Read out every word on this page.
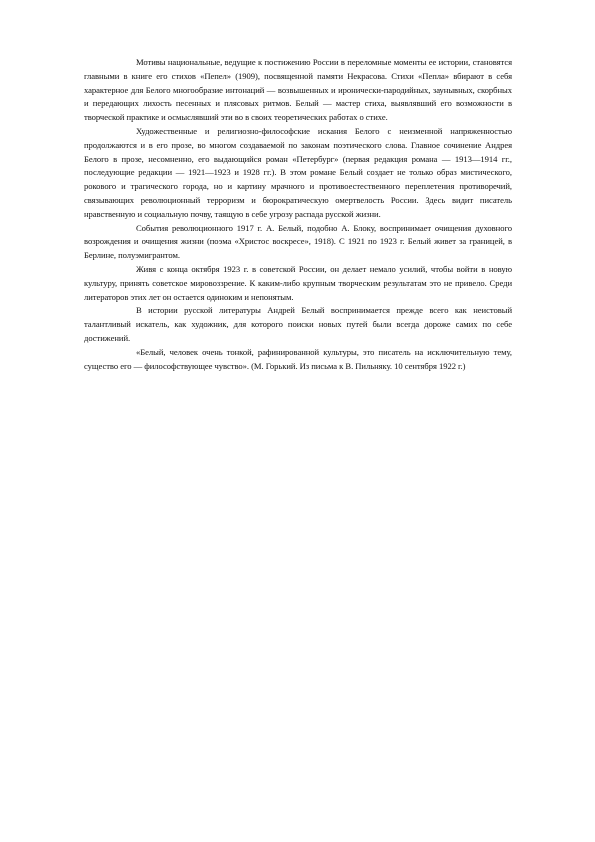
Мотивы национальные, ведущие к постижению России в переломные моменты ее истории, становятся главными в книге его стихов «Пепел» (1909), посвященной памяти Некрасова. Стихи «Пепла» вбирают в себя характерное для Белого многообразие интонаций — возвышенных и иронически-пародийных, заунывных, скорбных и передающих лихость песенных и плясовых ритмов. Белый — мастер стиха, выявлявший его возможности в творческой практике и осмыслявший эти во в своих теоретических работах о стихе.

Художественные и религиозно-философские искания Белого с неизменной напряженностью продолжаются и в его прозе, во многом создаваемой по законам поэтического слова. Главное сочинение Андрея Белого в прозе, несомненно, его выдающийся роман «Петербург» (первая редакция романа — 1913—1914 гг., последующие редакции — 1921—1923 и 1928 гг.). В этом романе Белый создает не только образ мистического, рокового и трагического города, но и картину мрачного и противоестественного переплетения противоречий, связывающих революционный терроризм и бюрократическую омертвелость России. Здесь видит писатель нравственную и социальную почву, таящую в себе угрозу распада русской жизни.

События революционного 1917 г. А. Белый, подобно А. Блоку, воспринимает очищения духовного возрождения и очищения жизни (поэма «Христос воскресе», 1918). С 1921 по 1923 г. Белый живет за границей, в Берлине, полуэмигрантом.

Живя с конца октября 1923 г. в советской России, он делает немало усилий, чтобы войти в новую культуру, принять советское мировоззрение. К каким-либо крупным творческим результатам это не привело. Среди литераторов этих лет он остается одиноким и непонятым.

В истории русской литературы Андрей Белый воспринимается прежде всего как неистовый талантливый искатель, как художник, для которого поиски новых путей были всегда дороже самих по себе достижений.

«Белый, человек очень тонкой, рафинированной культуры, это писатель на исключительную тему, существо его — философствующее чувство». (М. Горький. Из письма к В. Пильняку. 10 сентября 1922 г.)
